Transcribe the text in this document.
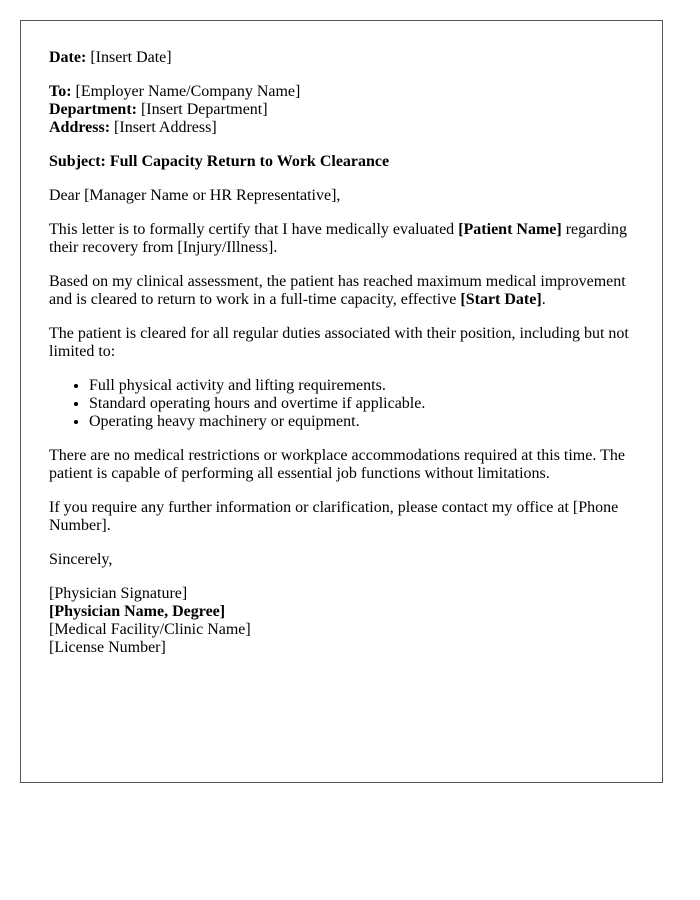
Date: [Insert Date]

To: [Employer Name/Company Name]
Department: [Insert Department]
Address: [Insert Address]

Subject: Full Capacity Return to Work Clearance

Dear [Manager Name or HR Representative],

This letter is to formally certify that I have medically evaluated [Patient Name] regarding their recovery from [Injury/Illness].

Based on my clinical assessment, the patient has reached maximum medical improvement and is cleared to return to work in a full-time capacity, effective [Start Date].

The patient is cleared for all regular duties associated with their position, including but not limited to:

• Full physical activity and lifting requirements.
• Standard operating hours and overtime if applicable.
• Operating heavy machinery or equipment.

There are no medical restrictions or workplace accommodations required at this time. The patient is capable of performing all essential job functions without limitations.

If you require any further information or clarification, please contact my office at [Phone Number].

Sincerely,

[Physician Signature]
[Physician Name, Degree]
[Medical Facility/Clinic Name]
[License Number]
